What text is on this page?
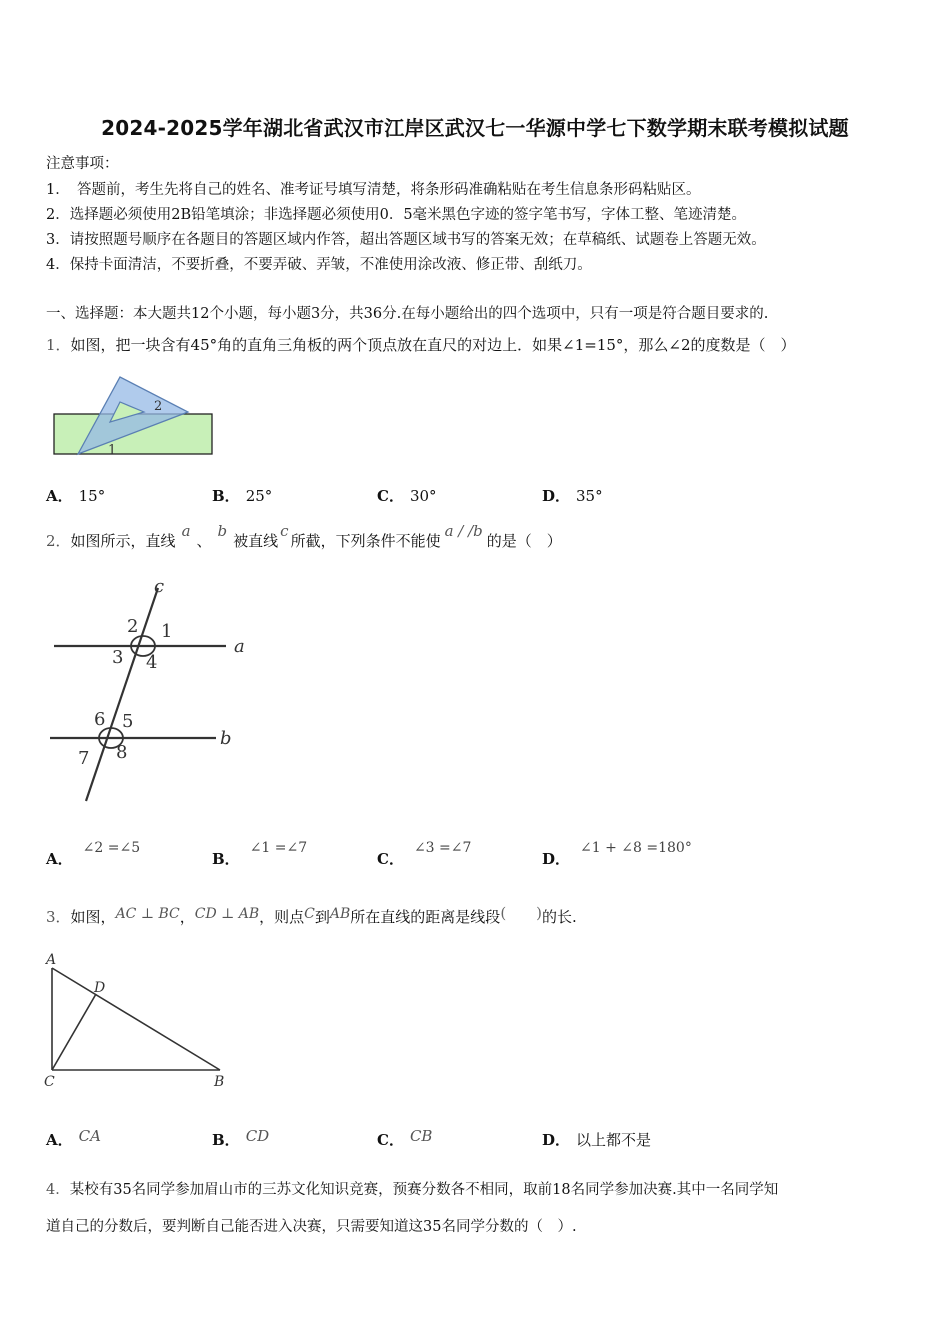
2024-2025学年湖北省武汉市江岸区武汉七一华源中学七下数学期末联考模拟试题
注意事项：
1．　答题前，考生先将自己的姓名、准考证号填写清楚，将条形码准确粘贴在考生信息条形码粘贴区。
2．选择题必须使用2B铅笔填涂；非选择题必须使用0．5毫米黑色字迹的签字笔书写，字体工整、笔迹清楚。
3．请按照题号顺序在各题目的答题区域内作答，超出答题区域书写的答案无效；在草稿纸、试题卷上答题无效。
4．保持卡面清洁，不要折叠，不要弄破、弄皱，不准使用涂改液、修正带、刮纸刀。
一、选择题：本大题共12个小题，每小题3分，共36分.在每小题给出的四个选项中，只有一项是符合题目要求的.
1．如图，把一块含有45°角的直角三角板的两个顶点放在直尺的对边上．如果∠1=15°，那么∠2的度数是（　）
2
1
A． 15°	B． 25°	C． 30°	D． 35°
2．如图所示，直线a、b被直线c所截，下列条件不能使a / /b的是（　）
c
a
b
2 1
3 4
6 5
7 8
A．∠2 =∠5
B．∠1 =∠7
C．∠3 =∠7
D．∠1 + ∠8 =180°
3．如图，AC ⊥ BC，CD ⊥ AB，则点C到AB所在直线的距离是线段(　　)的长.
A
D
C	B
A． CA	B． CD	C． CB	D． 以上都不是
4．某校有35名同学参加眉山市的三苏文化知识竞赛，预赛分数各不相同，取前18名同学参加决赛.其中一名同学知
道自己的分数后，要判断自己能否进入决赛，只需要知道这35名同学分数的（　）.
